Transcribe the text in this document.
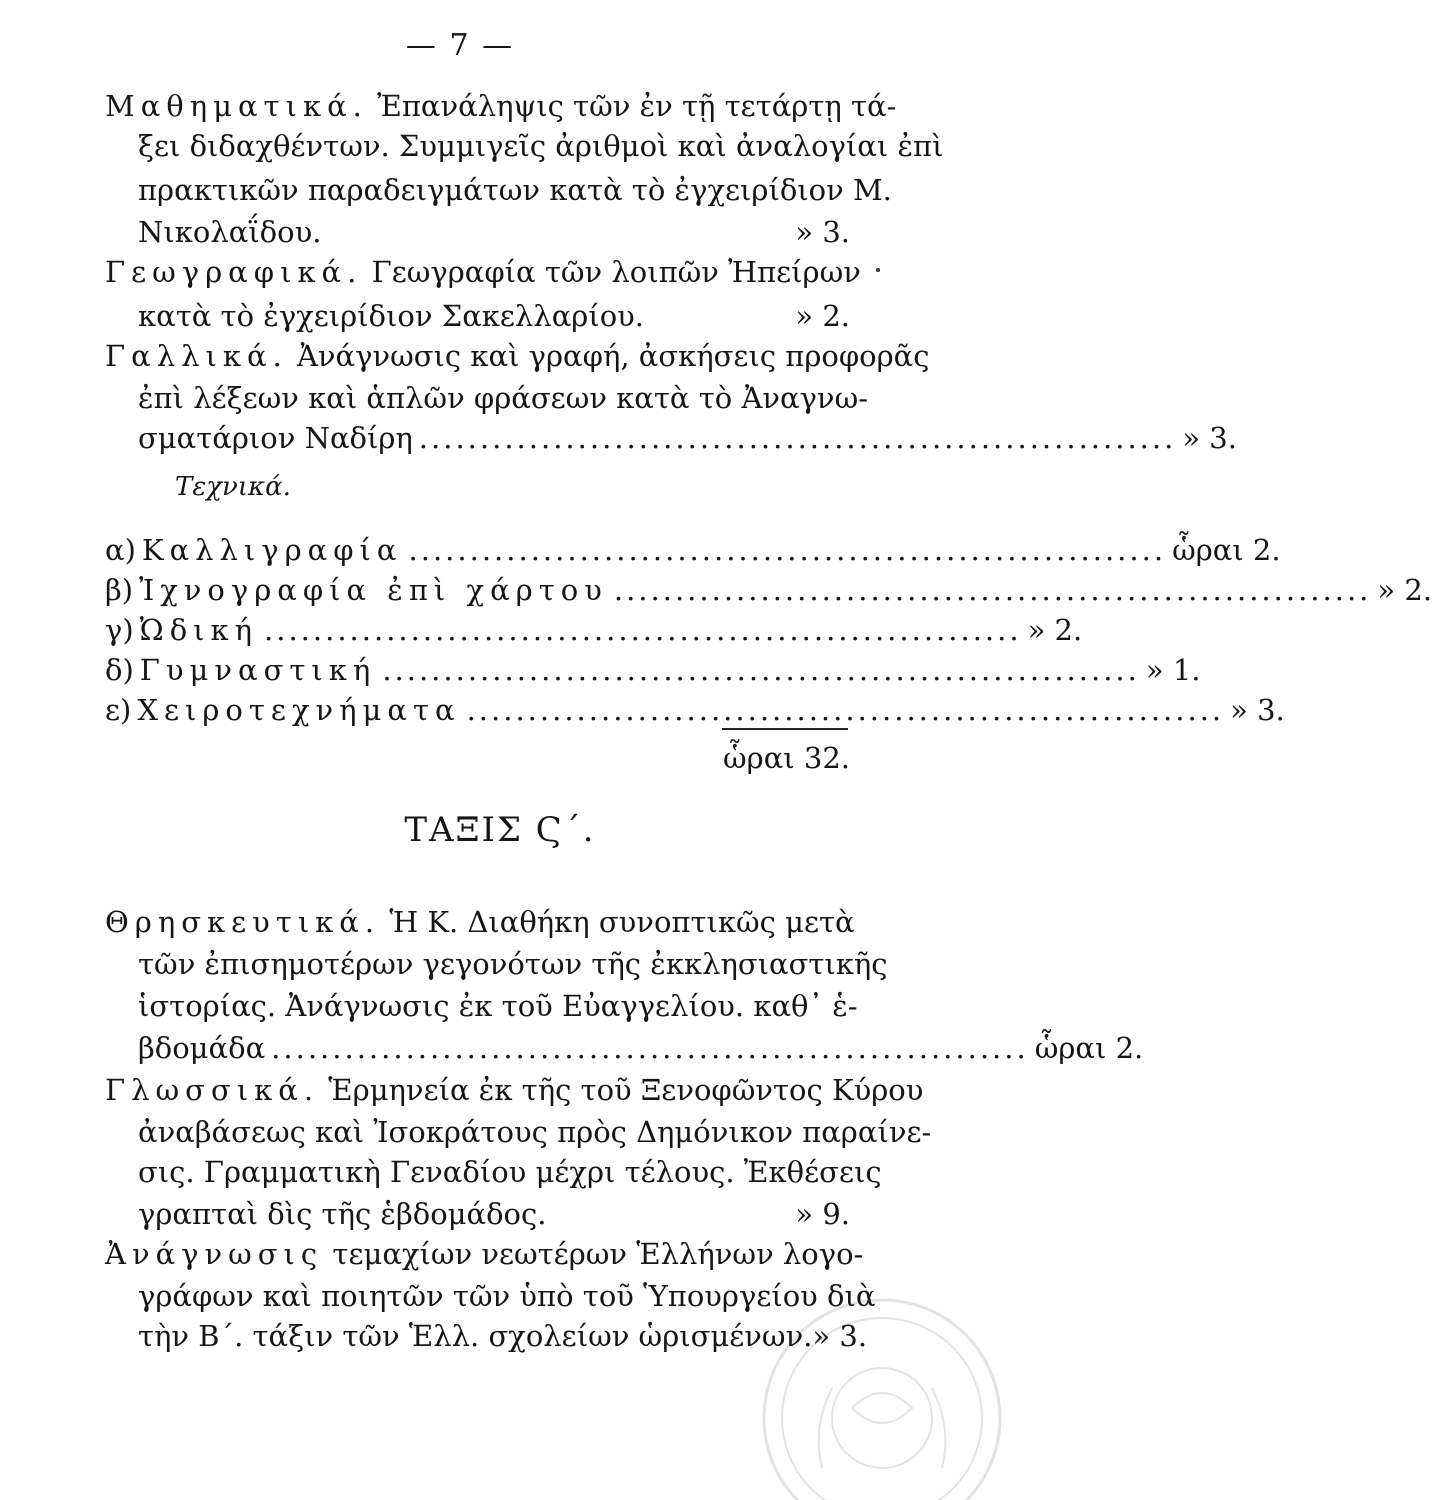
— 7 —
Μαθηματικά. Ἐπανάληψις τῶν ἐν τῇ τετάρτῃ τά-
ξει διδαχθέντων. Συμμιγεῖς ἀριθμοὶ καὶ ἀναλογίαι ἐπὶ
πρακτικῶν παραδειγμάτων κατὰ τὸ ἐγχειρίδιον Μ.
Νικολαΐδου.	» 3.
Γεωγραφικά. Γεωγραφία τῶν λοιπῶν Ἠπείρων
κατὰ τὸ ἐγχειρίδιον Σακελλαρίου.	» 2.
Γαλλικά. Ἀνάγνωσις καὶ γραφή, ἀσκήσεις προφορᾶς
ἐπὶ λέξεων καὶ ἁπλῶν φράσεων κατὰ τὸ Ἀναγνω-
σματάριον Ναδίρη .............................................................. » 3.
Τεχνικά.
α) Καλλιγραφία .............................................................. ὧραι 2.
β) Ἰχνογραφία ἐπὶ χάρτου .............................................................. » 2.
γ) Ὠδική .............................................................. » 2.
δ) Γυμναστική .............................................................. » 1.
ε) Χειροτεχνήματα .............................................................. » 3.
ὧραι 32.
ΤΑΞΙΣ Ϛ΄.
Θρησκευτικά. Ἡ Κ. Διαθήκη συνοπτικῶς μετὰ
τῶν ἐπισημοτέρων γεγονότων τῆς ἐκκλησιαστικῆς
ἱστορίας. Ἀνάγνωσις ἐκ τοῦ Εὐαγγελίου. καθ᾽ ἑ-
βδομάδα .............................................................. ὧραι 2.
Γλωσσικά. Ἑρμηνεία ἐκ τῆς τοῦ Ξενοφῶντος Κύρου
ἀναβάσεως καὶ Ἰσοκράτους πρὸς Δημόνικον παραίνε-
σις. Γραμματικὴ Γεναδίου μέχρι τέλους. Ἐκθέσεις
γραπταὶ δὶς τῆς ἑβδομάδος.	» 9.
Ἀνάγνωσις τεμαχίων νεωτέρων Ἑλλήνων λογο-
γράφων καὶ ποιητῶν τῶν ὑπὸ τοῦ Ὑπουργείου διὰ
τὴν Β΄. τάξιν τῶν Ἑλλ. σχολείων ὡρισμένων. » 3.
